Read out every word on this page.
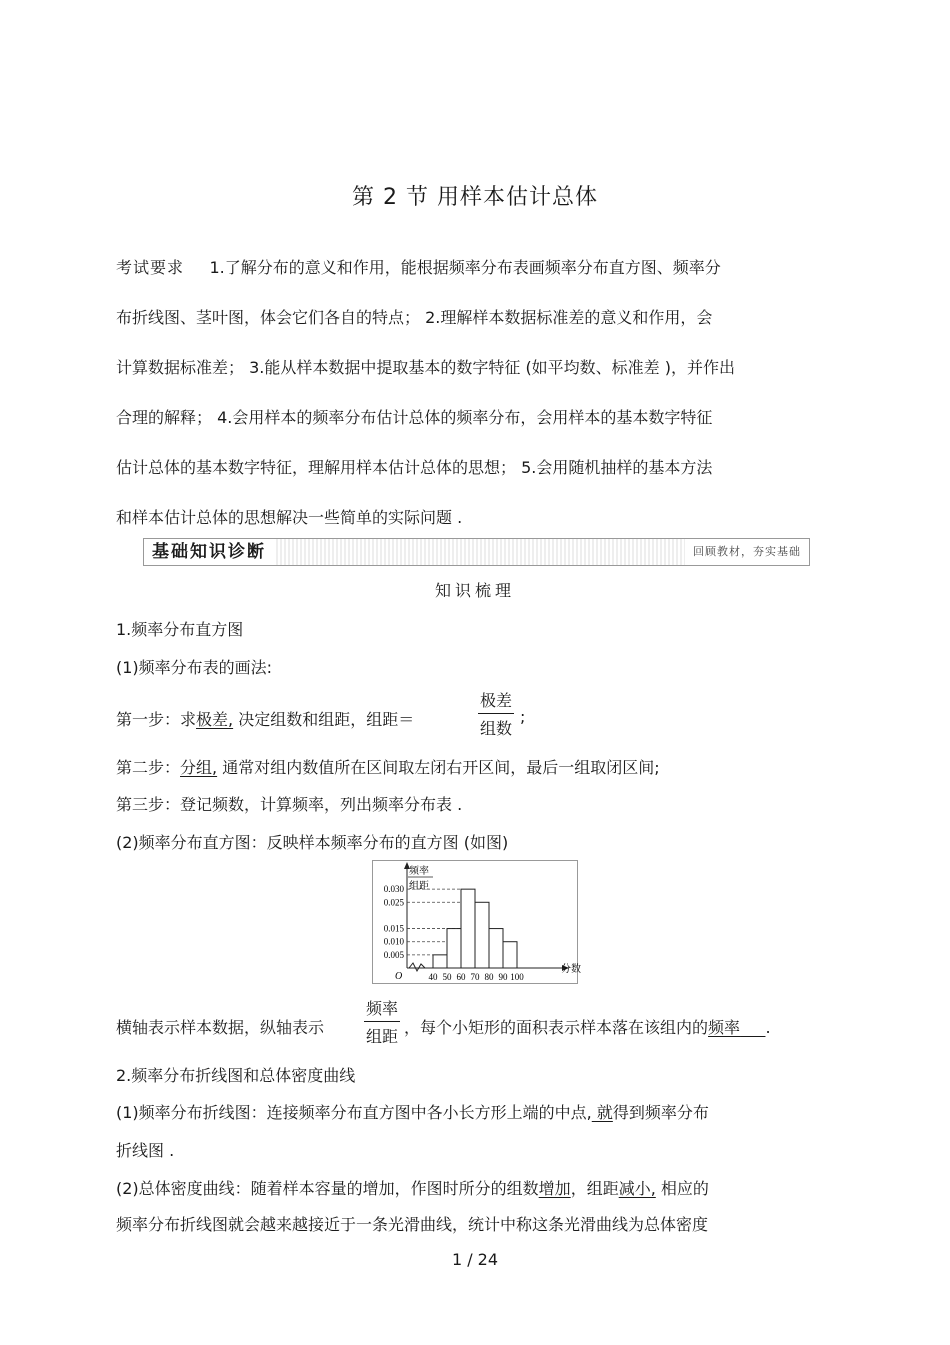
第 2 节 用样本估计总体
考试要求 1.了解分布的意义和作用，能根据频率分布表画频率分布直方图、频率分
布折线图、茎叶图，体会它们各自的特点； 2.理解样本数据标准差的意义和作用，会
计算数据标准差； 3.能从样本数据中提取基本的数字特征 (如平均数、标准差 )，并作出
合理的解释； 4.会用样本的频率分布估计总体的频率分布，会用样本的基本数字特征
估计总体的基本数字特征，理解用样本估计总体的思想； 5.会用随机抽样的基本方法
和样本估计总体的思想解决一些简单的实际问题 .
基础知识诊断	回顾教材，夯实基础
知识梳理
1.频率分布直方图
(1)频率分布表的画法:
第一步：求极差, 决定组数和组距，组距＝
极差
组数
;
第二步：分组, 通常对组内数值所在区间取左闭右开区间，最后一组取闭区间;
第三步：登记频数，计算频率，列出频率分布表 .
(2)频率分布直方图：反映样本频率分布的直方图 (如图)
频率
组距
O
0.030
0.025
0.015
0.010
0.005
40 50 60 70 80 90 100
分数
横轴表示样本数据，纵轴表示
频率
组距 ，每个小矩形的面积表示样本落在该组内的频率 .
2.频率分布折线图和总体密度曲线
(1)频率分布折线图：连接频率分布直方图中各小长方形上端的中点, 就得到频率分布
折线图 .
(2)总体密度曲线：随着样本容量的增加，作图时所分的组数增加，组距减小, 相应的
频率分布折线图就会越来越接近于一条光滑曲线，统计中称这条光滑曲线为总体密度
1 / 24
